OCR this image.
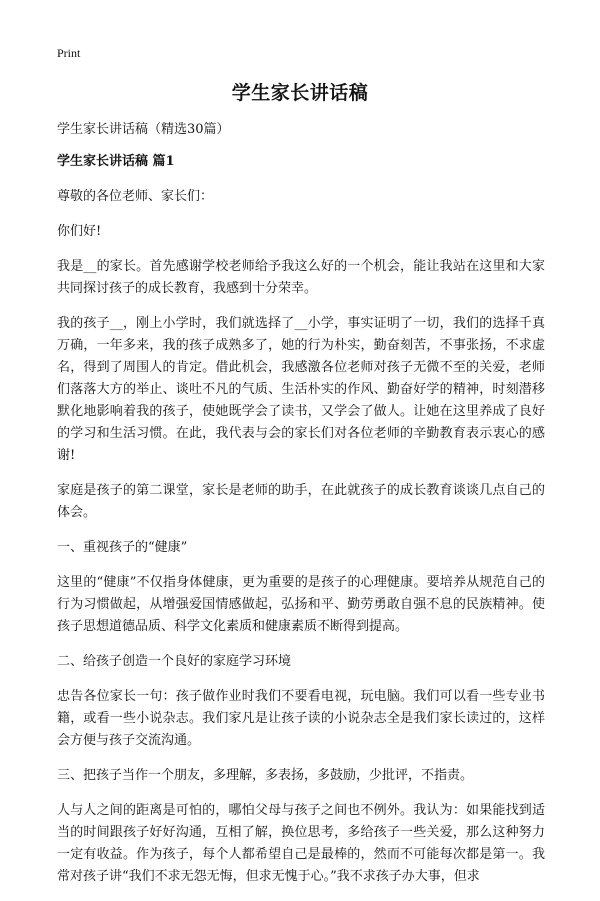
Print
学生家长讲话稿

学生家长讲话稿（精选30篇）

学生家长讲话稿 篇1

尊敬的各位老师、家长们：

你们好!

我是__的家长。首先感谢学校老师给予我这么好的一个机会，能让我站在这里和大家共同探讨孩子的成长教育，我感到十分荣幸。

我的孩子__，刚上小学时，我们就选择了__小学，事实证明了一切，我们的选择千真万确，一年多来，我的孩子成熟多了，她的行为朴实，勤奋刻苦，不事张扬，不求虚名，得到了周围人的肯定。借此机会，我感激各位老师对孩子无微不至的关爱，老师们落落大方的举止、谈吐不凡的气质、生活朴实的作风、勤奋好学的精神，时刻潜移默化地影响着我的孩子，使她既学会了读书，又学会了做人。让她在这里养成了良好的学习和生活习惯。在此，我代表与会的家长们对各位老师的辛勤教育表示衷心的感谢!

家庭是孩子的第二课堂，家长是老师的助手，在此就孩子的成长教育谈谈几点自己的体会。

一、重视孩子的“健康”

这里的“健康”不仅指身体健康，更为重要的是孩子的心理健康。要培养从规范自己的行为习惯做起，从增强爱国情感做起，弘扬和平、勤劳勇敢自强不息的民族精神。使孩子思想道德品质、科学文化素质和健康素质不断得到提高。

二、给孩子创造一个良好的家庭学习环境

忠告各位家长一句：孩子做作业时我们不要看电视，玩电脑。我们可以看一些专业书籍，或看一些小说杂志。我们家凡是让孩子读的小说杂志全是我们家长读过的，这样会方便与孩子交流沟通。

三、把孩子当作一个朋友，多理解，多表扬，多鼓励，少批评，不指责。

人与人之间的距离是可怕的，哪怕父母与孩子之间也不例外。我认为：如果能找到适当的时间跟孩子好好沟通，互相了解，换位思考，多给孩子一些关爱，那么这种努力一定有收益。作为孩子，每个人都希望自己是最棒的，然而不可能每次都是第一。我常对孩子讲“我们不求无怨无悔，但求无愧于心。”我不求孩子办大事，但求
